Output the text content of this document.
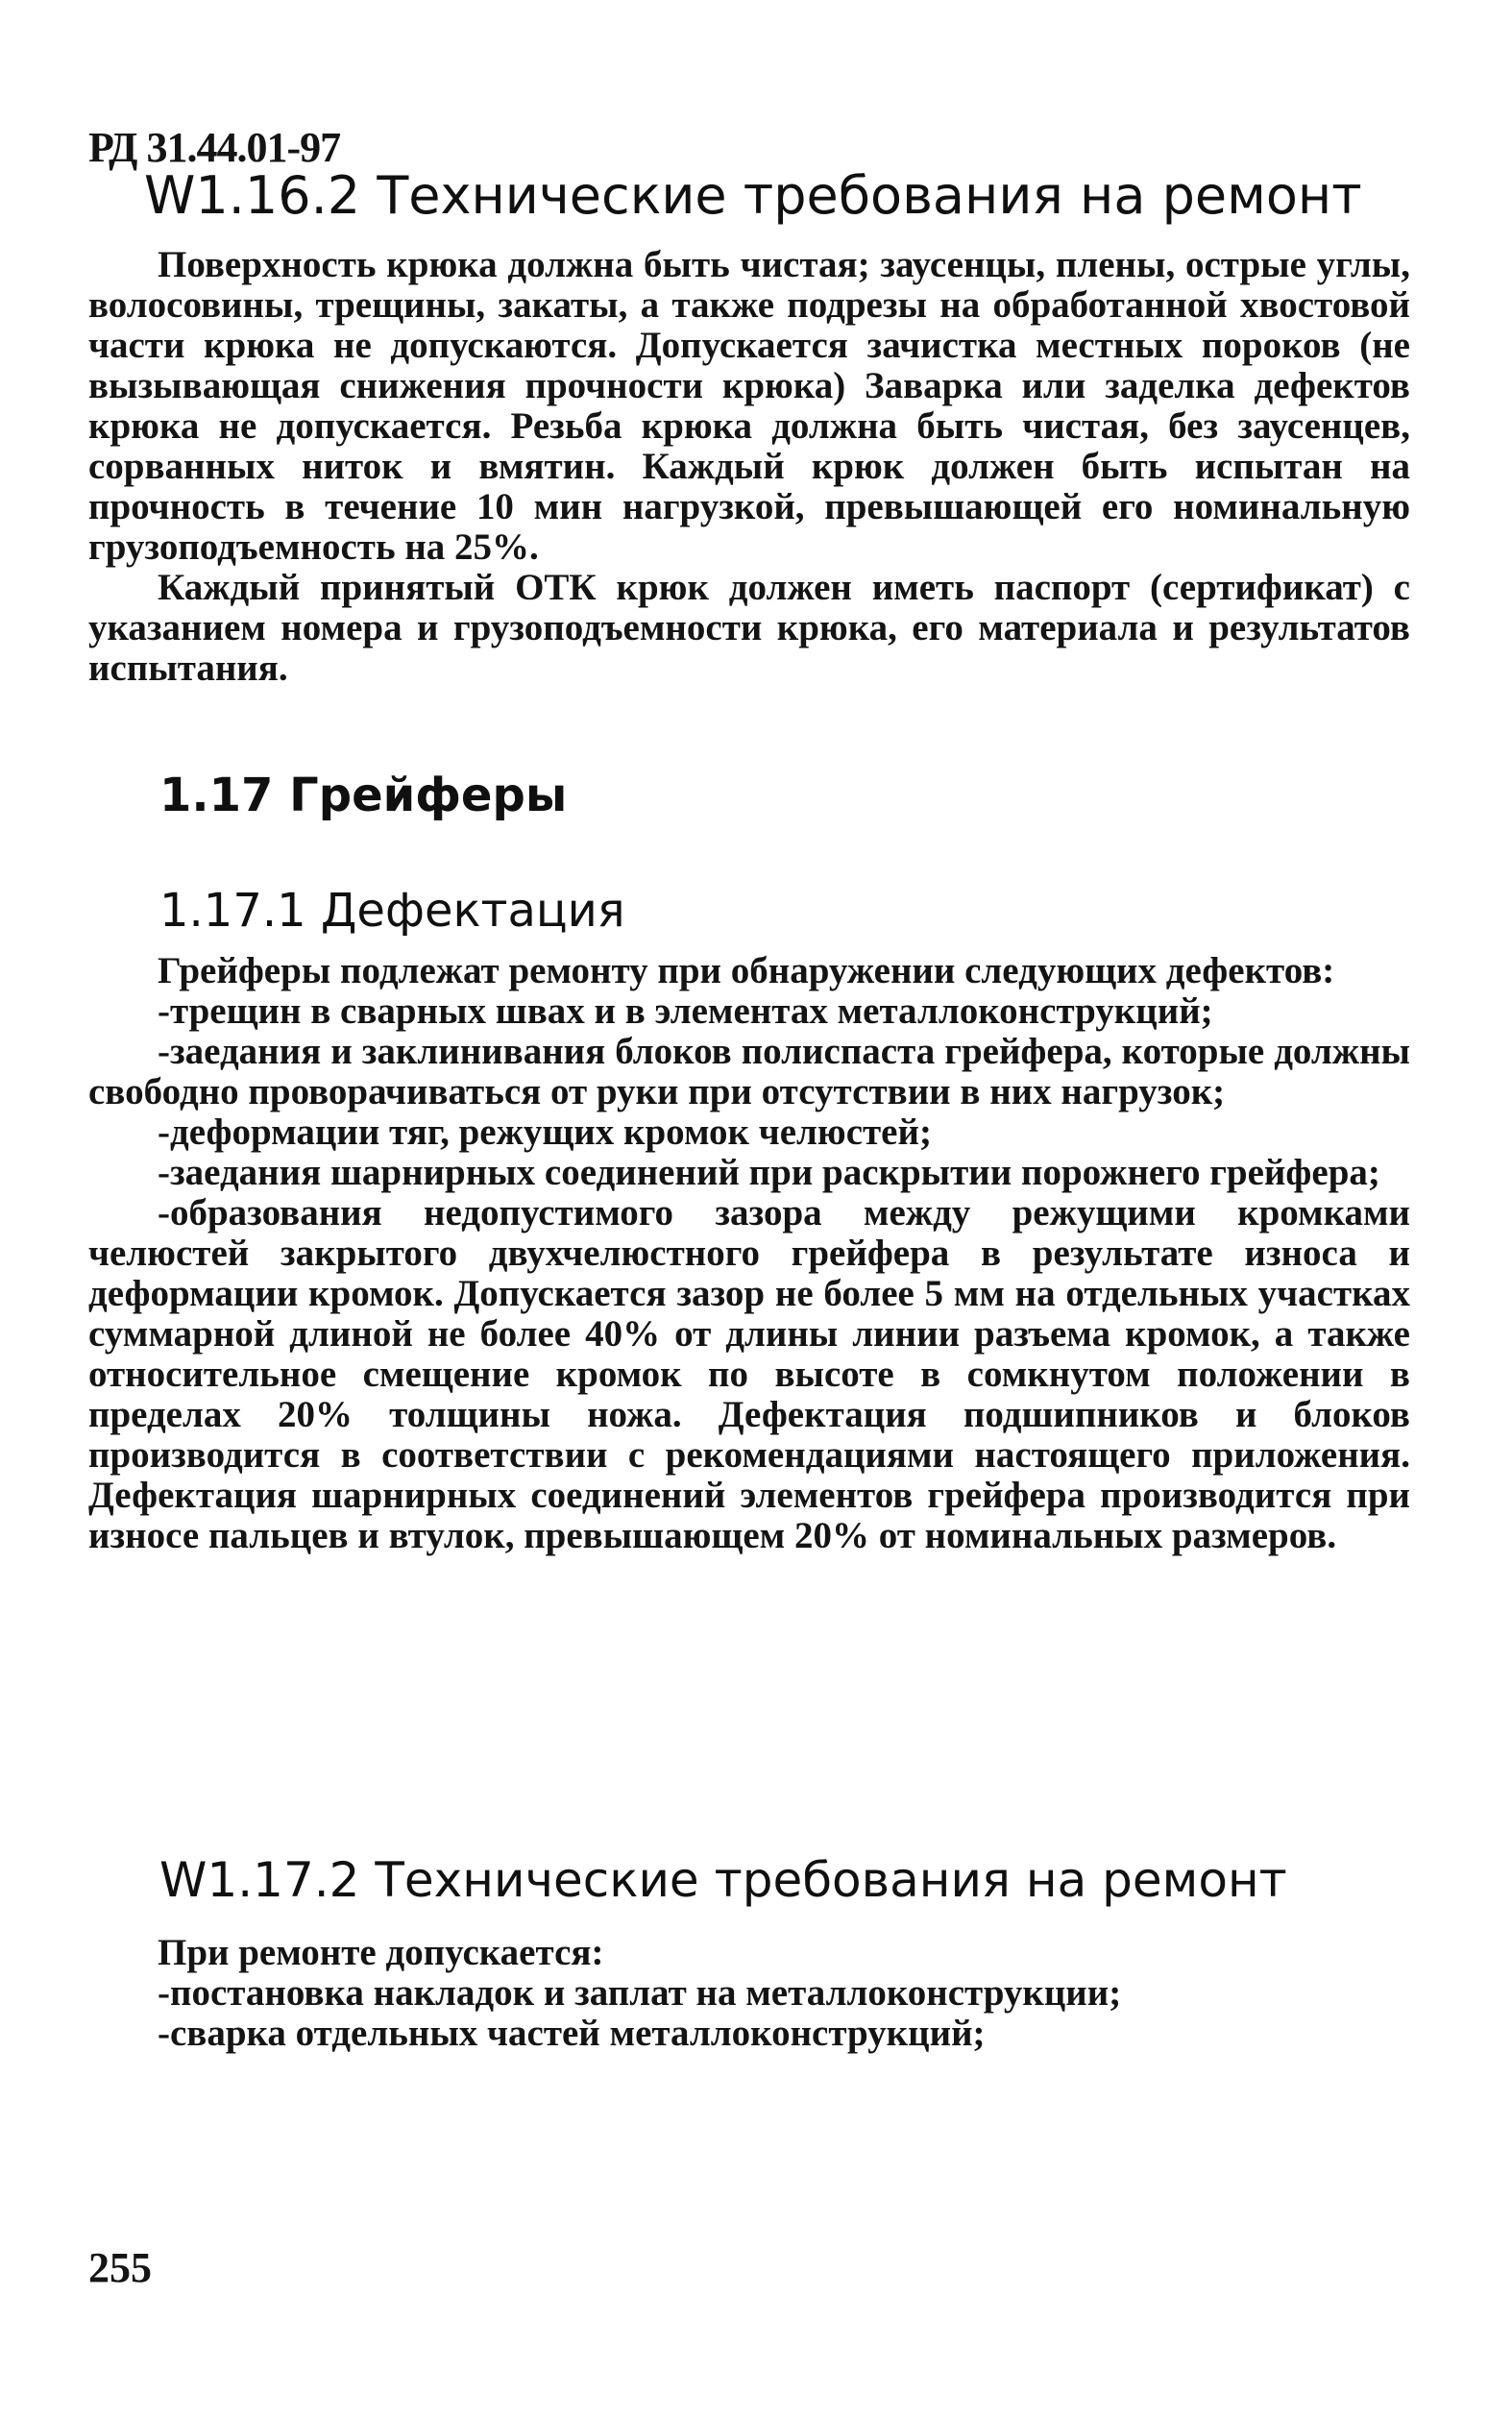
РД 31.44.01-97
W1.16.2 Технические требования на ремонт

Поверхность крюка должна быть чистая; заусенцы, плены, острые углы, волосовины, трещины, закаты, а также подрезы на обработанной хвостовой части крюка не допускаются. Допускается зачистка местных пороков (не вызывающая снижения прочности крюка) Заварка или заделка дефектов крюка не допускается. Резьба крюка должна быть чистая, без заусенцев, сорванных ниток и вмятин. Каждый крюк должен быть испытан на прочность в течение 10 мин нагрузкой, превышающей его номинальную грузоподъемность на 25%.

Каждый принятый ОТК крюк должен иметь паспорт (сертификат) с указанием номера и грузоподъемности крюка, его материала и результатов испытания.

1.17 Грейферы
1.17.1 Дефектация

Грейферы подлежат ремонту при обнаружении следующих дефектов:

-трещин в сварных швах и в элементах металлоконструкций;

-заедания и заклинивания блоков полиспаста грейфера, которые должны свободно проворачиваться от руки при отсутствии в них нагрузок;

-деформации тяг, режущих кромок челюстей;

-заедания шарнирных соединений при раскрытии порожнего грейфера;

-образования недопустимого зазора между режущими кромками челюстей закрытого двухчелюстного грейфера в результате износа и деформации кромок. Допускается зазор не более 5 мм на отдельных участках суммарной длиной не более 40% от длины линии разъема кромок, а также относительное смещение кромок по высоте в сомкнутом положении в пределах 20% толщины ножа. Дефектация подшипников и блоков производится в соответствии с рекомендациями настоящего приложения. Дефектация шарнирных соединений элементов грейфера производится при износе пальцев и втулок, превышающем 20% от номинальных размеров.

W1.17.2 Технические требования на ремонт

При ремонте допускается:

-постановка накладок и заплат на металлоконструкции;

-сварка отдельных частей металлоконструкций;

255
